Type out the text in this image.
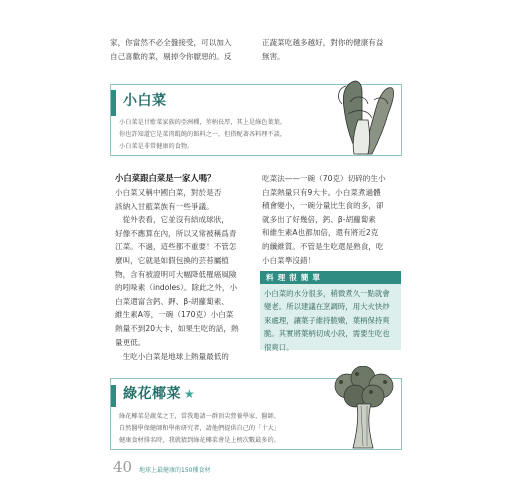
家，你當然不必全盤接受，可以加入
自己喜歡的菜，剔掉令你厭惡的。反
正蔬菜吃越多越好，對你的健康有益
無害。
小白菜
小白菜是甘藍菜家族的亞洲種，莖柄長厚，其上是綠色葉葉。
你也許知道它是菜肉餛飩的餡料之一，但搭配著各料理不談，
小白菜是非常健康的食物。
小白菜跟白菜是一家人嗎？
小白菜又稱中國白菜，對於是否
該納入甘藍菜族有一些爭議。
　從外表看，它並沒有結成球狀，
好像不應算在內，所以又常被稱爲青
江菜。不過，這些都不重要！不管怎
麼叫，它就是如假包換的芸苔屬植
物，含有被證明可大幅降低罹癌風險
的吲哚素（indoles）。除此之外，小
白菜還富含鈣、鉀、β-胡蘿蔔素、
維生素A等，一碗（170克）小白菜
熱量不到20大卡，如果生吃的話，熱
量更低。
　生吃小白菜是地球上熱量最低的
吃菜法——一碗（70克）切碎的生小
白菜熱量只有9大卡。小白菜煮過體
積會變小，一碗分量比生食的多，卻
就多出了好幾倍，鈣、β-胡蘿蔔素
和維生素A也都加倍，還有將近2克
的纖維質。不管是生吃還是熟食，吃
小白菜準沒錯！
料理很簡單
小白菜的水分很多，稍微煮久一點就會
變老。所以建議在烹調時，用大火快炒
來處理，讓葉子維持脆嫩，葉柄保持爽
脆。其實將葉柄切成小段，需要生吃也
很爽口。
綠花椰菜 ★
綠花椰菜是蔬菜之王，當我邀請一群頂尖營養學家、醫師、
自然醫學保健師和學術研究者，請他們提供自己的「十大」
健康食材排名時，我就猜到綠花椰菜會是上榜次數最多的。
40 地球上最健康的150種食材
